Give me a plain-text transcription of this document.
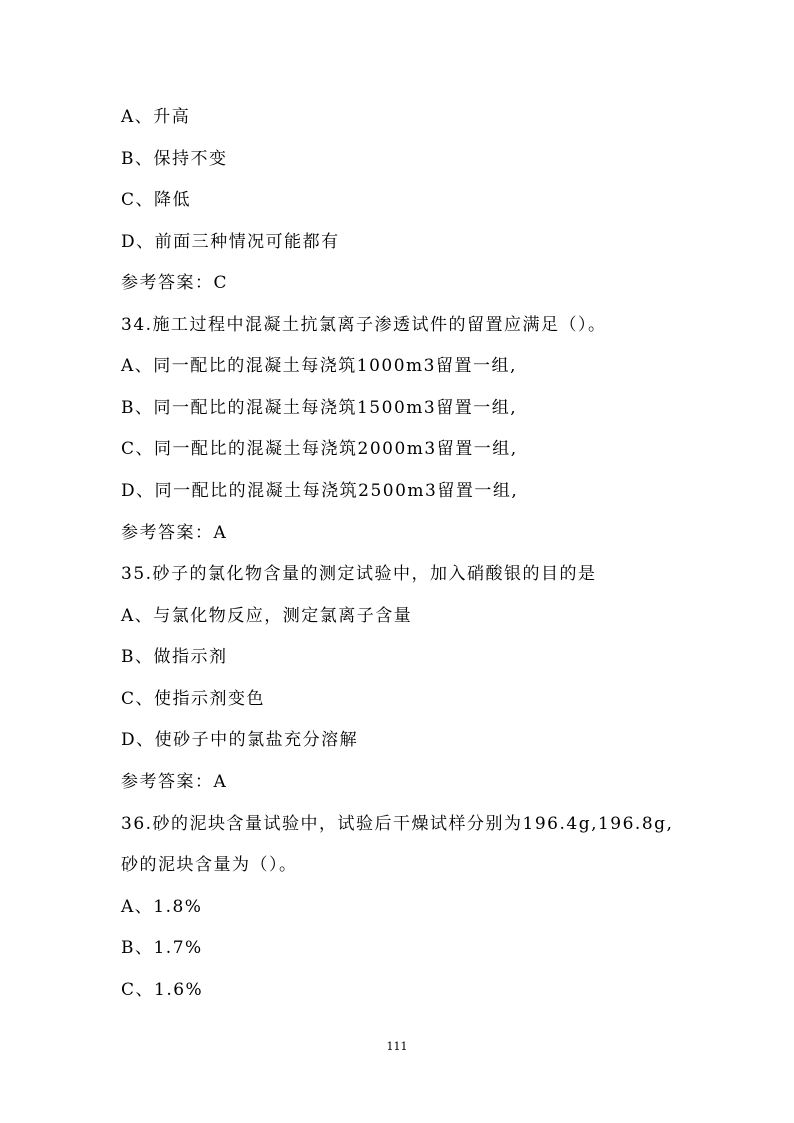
A、升高
B、保持不变
C、降低
D、前面三种情况可能都有
参考答案：C
34.施工过程中混凝土抗氯离子渗透试件的留置应满足（）。
A、同一配比的混凝土每浇筑1000m3留置一组,
B、同一配比的混凝土每浇筑1500m3留置一组,
C、同一配比的混凝土每浇筑2000m3留置一组,
D、同一配比的混凝土每浇筑2500m3留置一组,
参考答案：A
35.砂子的氯化物含量的测定试验中，加入硝酸银的目的是
A、与氯化物反应，测定氯离子含量
B、做指示剂
C、使指示剂变色
D、使砂子中的氯盐充分溶解
参考答案：A
36.砂的泥块含量试验中，试验后干燥试样分别为196.4g,196.8g,
砂的泥块含量为（）。
A、1.8%
B、1.7%
C、1.6%
111
